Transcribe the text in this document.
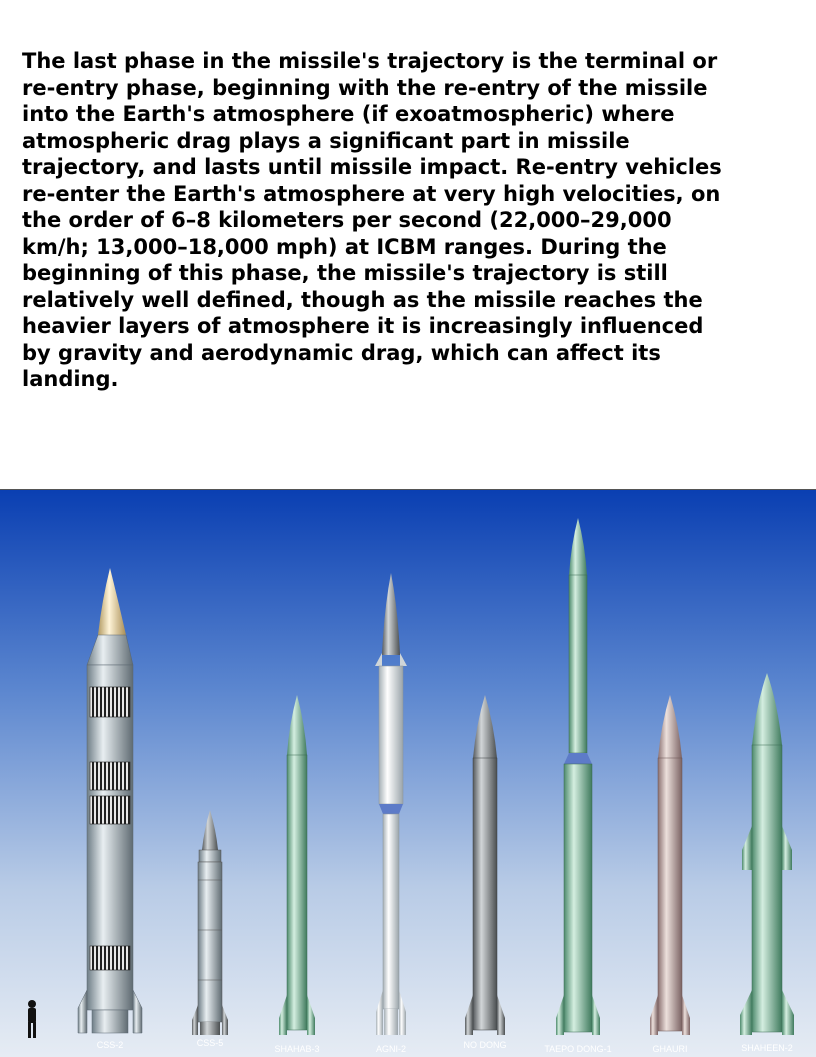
The last phase in the missile's trajectory is the terminal or
re-entry phase, beginning with the re-entry of the missile
into the Earth's atmosphere (if exoatmospheric) where
atmospheric drag plays a significant part in missile
trajectory, and lasts until missile impact. Re-entry vehicles
re-enter the Earth's atmosphere at very high velocities, on
the order of 6–8 kilometers per second (22,000–29,000
km/h; 13,000–18,000 mph) at ICBM ranges. During the
beginning of this phase, the missile's trajectory is still
relatively well defined, though as the missile reaches the
heavier layers of atmosphere it is increasingly influenced
by gravity and aerodynamic drag, which can affect its
landing.
CSS-2	CSS-5
SHAHAB-3	AGNI-2	NO DONG	TAEPO DONG-1	GHAURI	SHAHEEN-2
